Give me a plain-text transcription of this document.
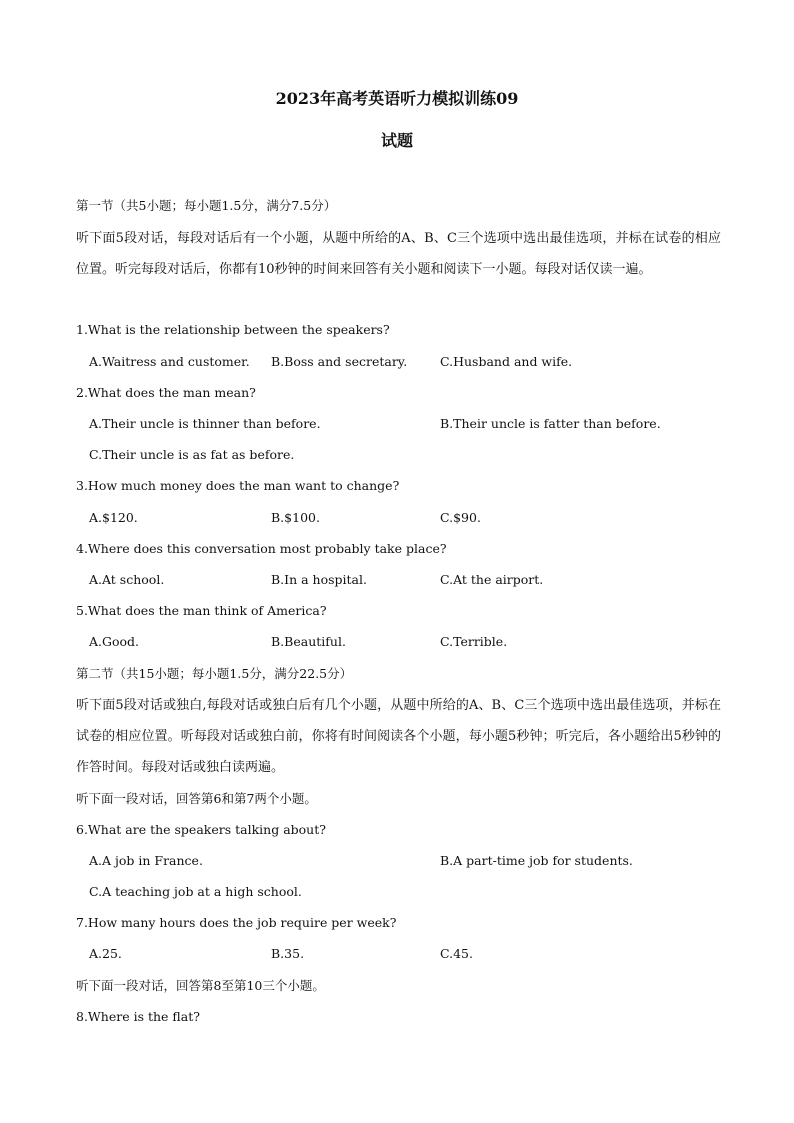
2023年高考英语听力模拟训练09
试题
第一节（共5小题；每小题1.5分，满分7.5分）
听下面5段对话，每段对话后有一个小题，从题中所给的A、B、C三个选项中选出最佳选项，并标在试卷的相应位置。听完每段对话后，你都有10秒钟的时间来回答有关小题和阅读下一小题。每段对话仅读一遍。
1.What is the relationship between the speakers?
A.Waitress and customer. B.Boss and secretary.	C.Husband and wife.
2.What does the man mean?
A.Their uncle is thinner than before.	B.Their uncle is fatter than before.
C.Their uncle is as fat as before.
3.How much money does the man want to change?
A.$120.	B.$100.	C.$90.
4.Where does this conversation most probably take place?
A.At school.	B.In a hospital.	C.At the airport.
5.What does the man think of America?
A.Good.	B.Beautiful.	C.Terrible.
第二节（共15小题；每小题1.5分，满分22.5分）
听下面5段对话或独白,每段对话或独白后有几个小题，从题中所给的A、B、C三个选项中选出最佳选项，并标在试卷的相应位置。听每段对话或独白前，你将有时间阅读各个小题，每小题5秒钟；听完后，各小题给出5秒钟的作答时间。每段对话或独白读两遍。
听下面一段对话，回答第6和第7两个小题。
6.What are the speakers talking about?
A.A job in France.	B.A part-time job for students.
C.A teaching job at a high school.
7.How many hours does the job require per week?
A.25.	B.35.	C.45.
听下面一段对话，回答第8至第10三个小题。
8.Where is the flat?
